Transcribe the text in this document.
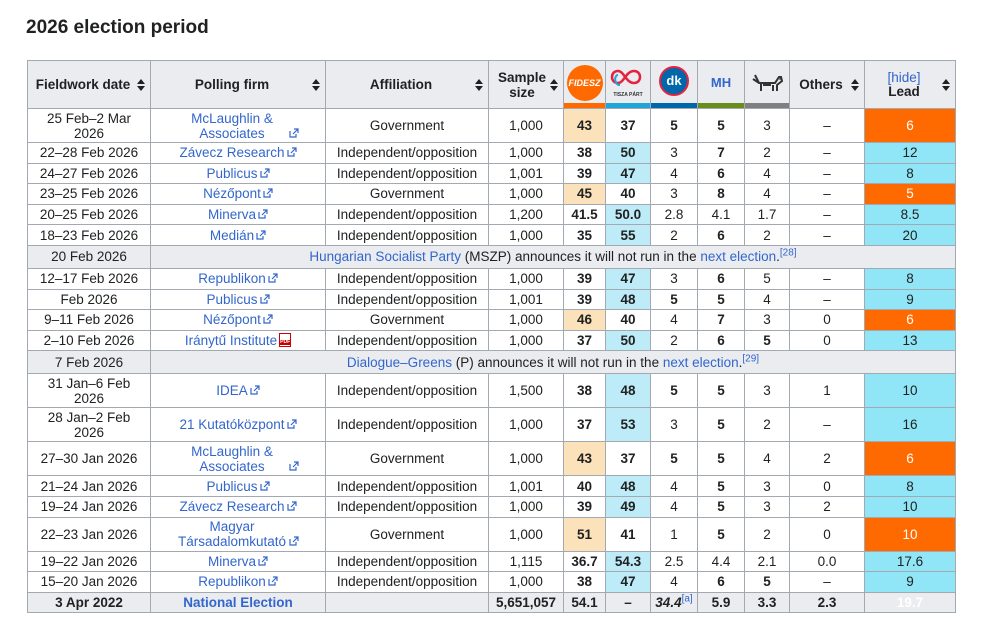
2026 election period
Fieldwork date	Polling firm	Affiliation	Sample size	FIDESZ	TISZA PÁRT	dk	MH		Others	[hide]
Lead
25 Feb–2 Mar 2026	McLaughlin & Associates	Government	1,000	43	37	5	5	3	–	6
22–28 Feb 2026	Závecz Research	Independent/opposition	1,000	38	50	3	7	2	–	12
24–27 Feb 2026	Publicus	Independent/opposition	1,001	39	47	4	6	4	–	8
23–25 Feb 2026	Nézőpont	Government	1,000	45	40	3	8	4	–	5
20–25 Feb 2026	Minerva	Independent/opposition	1,200	41.5	50.0	2.8	4.1	1.7	–	8.5
18–23 Feb 2026	Medián	Independent/opposition	1,000	35	55	2	6	2	–	20
20 Feb 2026	Hungarian Socialist Party (MSZP) announces it will not run in the next election.[28]
12–17 Feb 2026	Republikon	Independent/opposition	1,000	39	47	3	6	5	–	8
Feb 2026	Publicus	Independent/opposition	1,001	39	48	5	5	4	–	9
9–11 Feb 2026	Nézőpont	Government	1,000	46	40	4	7	3	0	6
2–10 Feb 2026	Iránytű InstitutePDF	Independent/opposition	1,000	37	50	2	6	5	0	13
7 Feb 2026	Dialogue–Greens (P) announces it will not run in the next election.[29]
31 Jan–6 Feb 2026	IDEA	Independent/opposition	1,500	38	48	5	5	3	1	10
28 Jan–2 Feb 2026	21 Kutatóközpont	Independent/opposition	1,000	37	53	3	5	2	–	16
27–30 Jan 2026	McLaughlin & Associates	Government	1,000	43	37	5	5	4	2	6
21–24 Jan 2026	Publicus	Independent/opposition	1,001	40	48	4	5	3	0	8
19–24 Jan 2026	Závecz Research	Independent/opposition	1,000	39	49	4	5	3	2	10
22–23 Jan 2026	Magyar Társadalomkutató	Government	1,000	51	41	1	5	2	0	10
19–22 Jan 2026	Minerva	Independent/opposition	1,115	36.7	54.3	2.5	4.4	2.1	0.0	17.6
15–20 Jan 2026	Republikon	Independent/opposition	1,000	38	47	4	6	5	–	9
3 Apr 2022	National Election		5,651,057	54.1	–	34.4[a]	5.9	3.3	2.3	19.7
